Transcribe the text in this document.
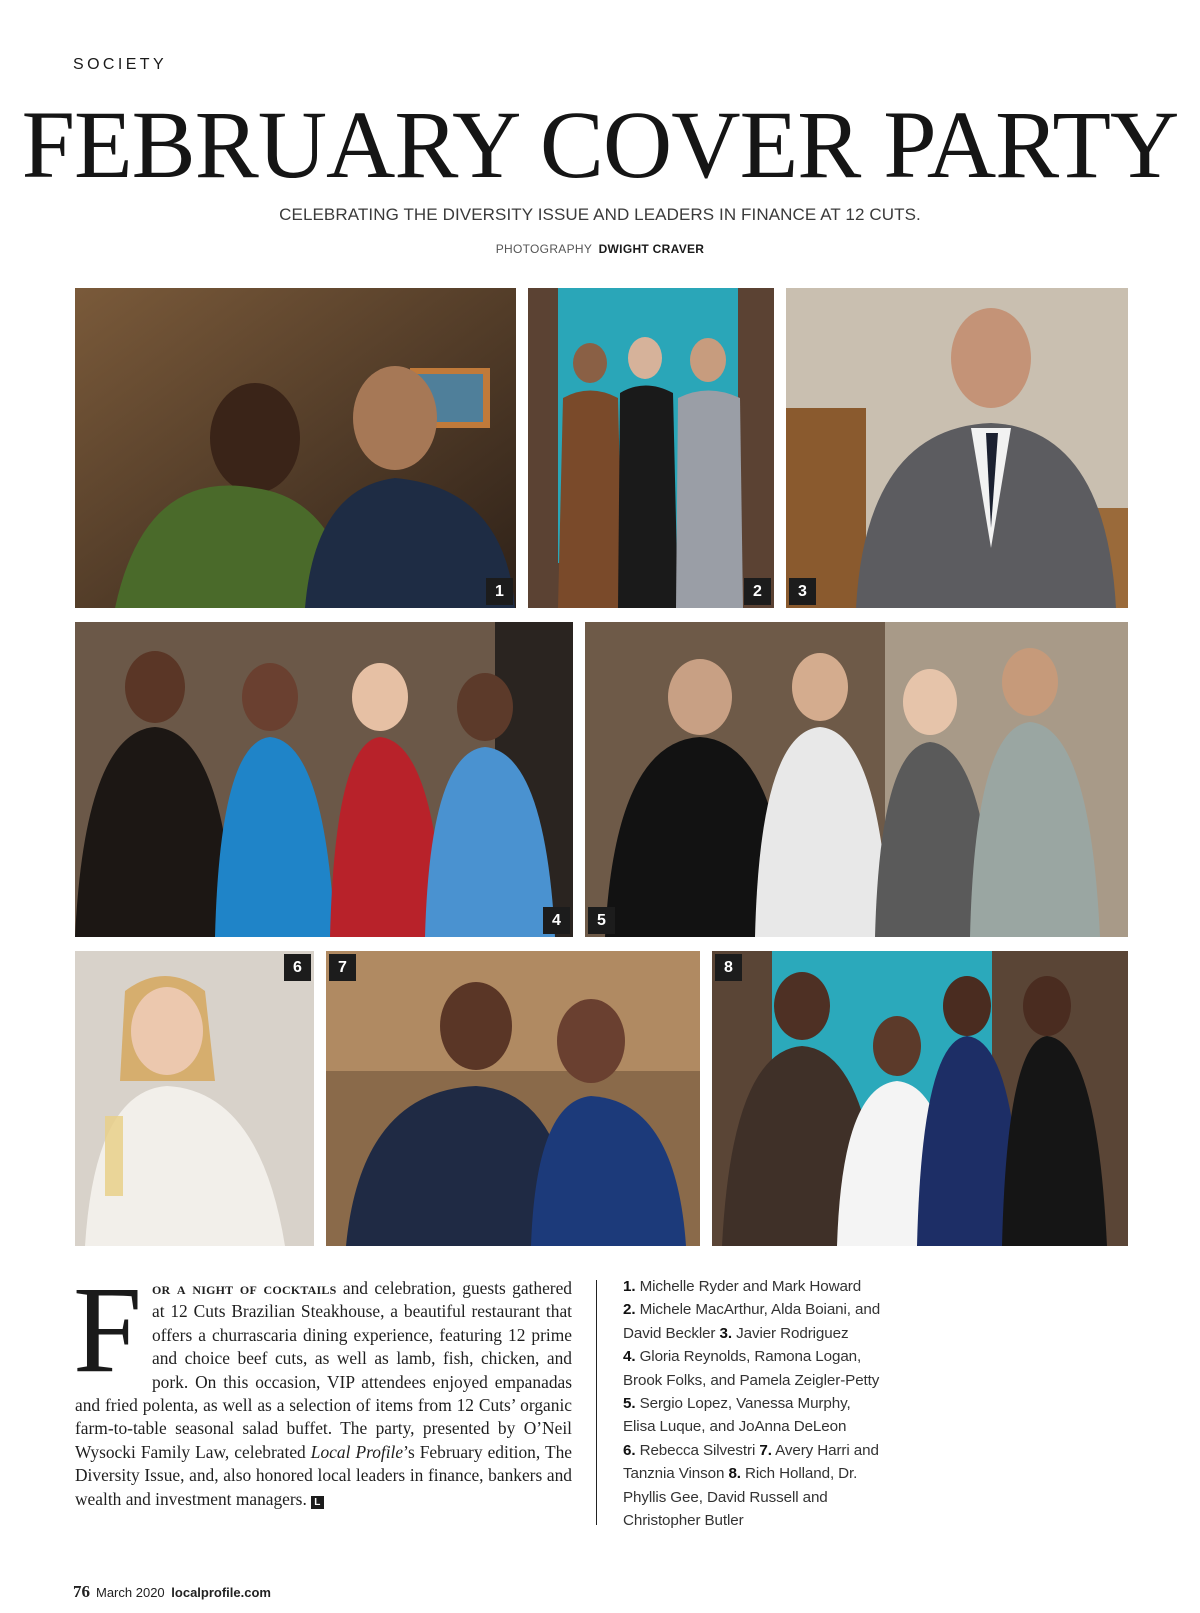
SOCIETY
FEBRUARY COVER PARTY
CELEBRATING THE DIVERSITY ISSUE AND LEADERS IN FINANCE AT 12 CUTS.
PHOTOGRAPHY DWIGHT CRAVER
1	2	3
4	5
6	7	8
For a night of cocktails and celebration, guests gathered at 12 Cuts Brazilian Steakhouse, a beautiful restaurant that offers a churrascaria dining experience, featuring 12 prime and choice beef cuts, as well as lamb, fish, chicken, and pork. On this occasion, VIP attendees enjoyed empanadas and fried polenta, as well as a selection of items from 12 Cuts’ organic farm-to-table seasonal salad buffet. The party, presented by O’Neil Wysocki Family Law, celebrated Local Profile’s February edition, The Diversity Issue, and, also honored local leaders in finance, bankers and wealth and investment managers. L
1. Michelle Ryder and Mark Howard
2. Michele MacArthur, Alda Boiani, and David Beckler 3. Javier Rodriguez
4. Gloria Reynolds, Ramona Logan, Brook Folks, and Pamela Zeigler-Petty
5. Sergio Lopez, Vanessa Murphy, Elisa Luque, and JoAnna DeLeon
6. Rebecca Silvestri 7. Avery Harri and Tanznia Vinson 8. Rich Holland, Dr. Phyllis Gee, David Russell and Christopher Butler
76 March 2020 localprofile.com
